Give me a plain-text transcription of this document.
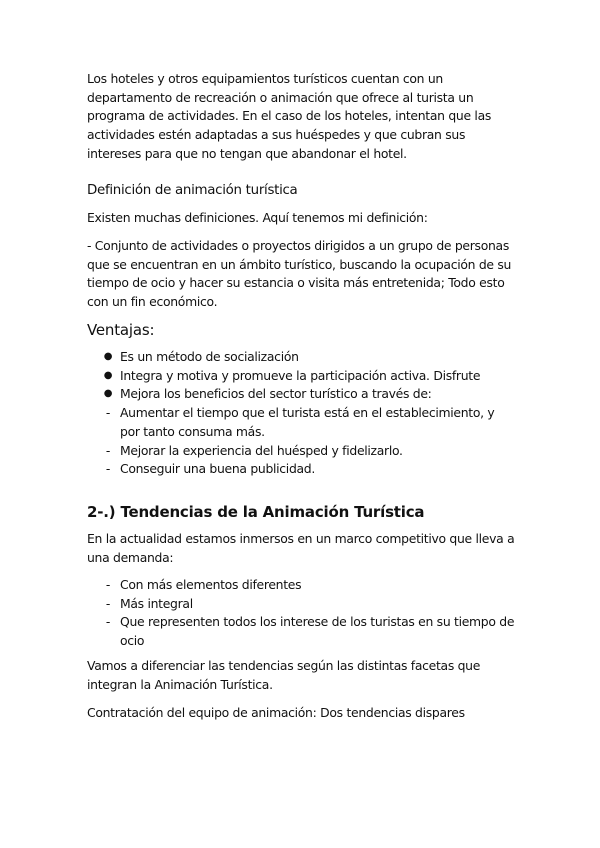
Los hoteles y otros equipamientos turísticos cuentan con un departamento de recreación o animación que ofrece al turista un programa de actividades. En el caso de los hoteles, intentan que las actividades estén adaptadas a sus huéspedes y que cubran sus intereses para que no tengan que abandonar el hotel.

Definición de animación turística

Existen muchas definiciones. Aquí tenemos mi definición:

- Conjunto de actividades o proyectos dirigidos a un grupo de personas que se encuentran en un ámbito turístico, buscando la ocupación de su tiempo de ocio y hacer su estancia o visita más entretenida; Todo esto con un fin económico.

Ventajas:
● Es un método de socialización
● Integra y motiva y promueve la participación activa. Disfrute
● Mejora los beneficios del sector turístico a través de:
- Aumentar el tiempo que el turista está en el establecimiento, y por tanto consuma más.
- Mejorar la experiencia del huésped y fidelizarlo.
- Conseguir una buena publicidad.
2-.) Tendencias de la Animación Turística

En la actualidad estamos inmersos en un marco competitivo que lleva a una demanda:

- Con más elementos diferentes
- Más integral
- Que representen todos los interese de los turistas en su tiempo de ocio

Vamos a diferenciar las tendencias según las distintas facetas que integran la Animación Turística.

Contratación del equipo de animación: Dos tendencias dispares
